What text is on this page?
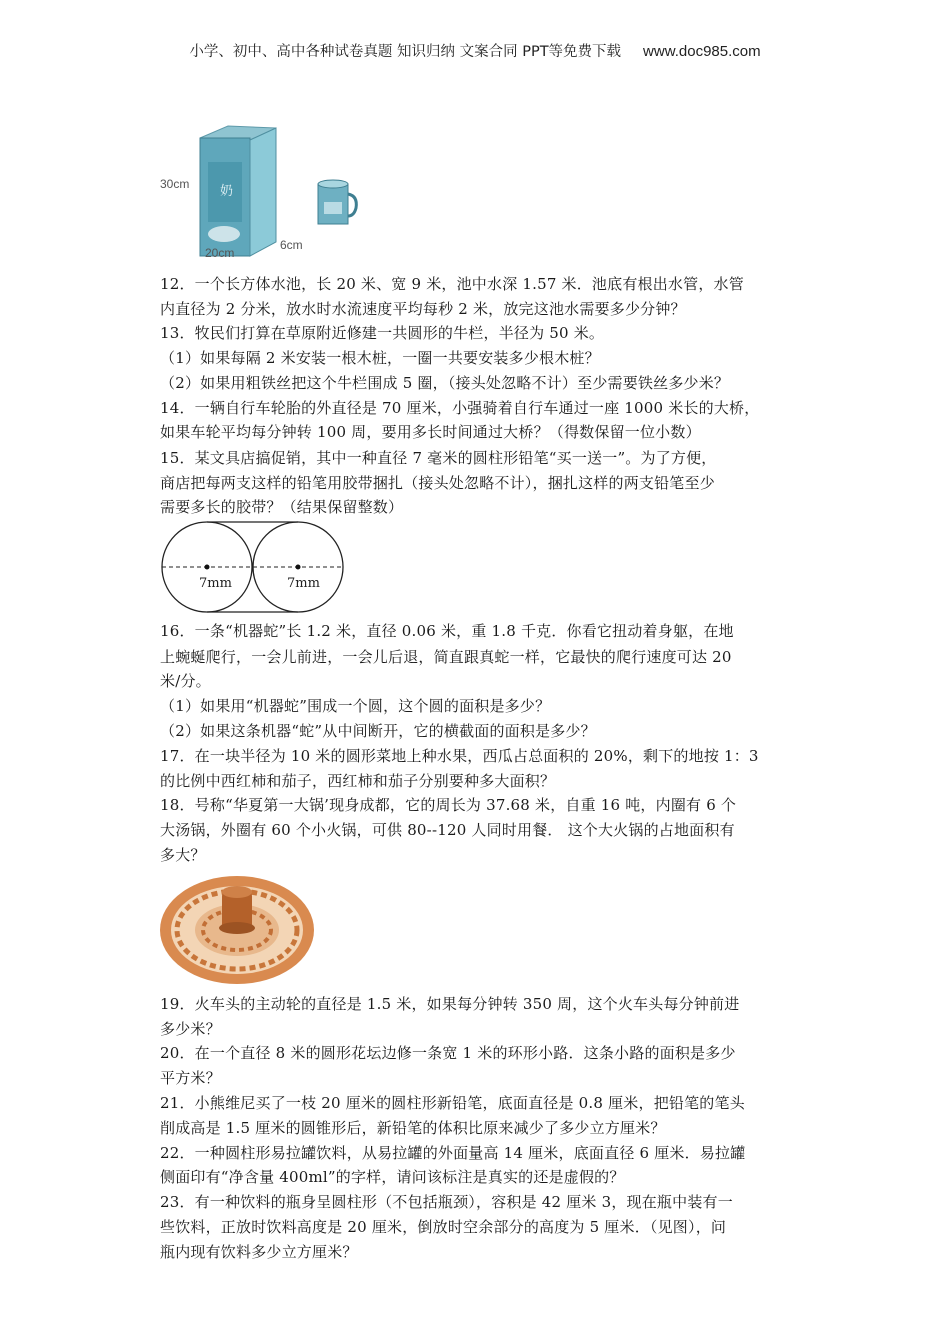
小学、初中、高中各种试卷真题 知识归纳 文案合同 PPT等免费下载 www.doc985.com
奶
30cm
20cm
6cm
12．一个长方体水池，长 20 米、宽 9 米，池中水深 1.57 米．池底有根出水管，水管
内直径为 2 分米，放水时水流速度平均每秒 2 米，放完这池水需要多少分钟？
13．牧民们打算在草原附近修建一共圆形的牛栏，半径为 50 米。
（1）如果每隔 2 米安装一根木桩，一圈一共要安装多少根木桩？
（2）如果用粗铁丝把这个牛栏围成 5 圈，（接头处忽略不计）至少需要铁丝多少米？
14．一辆自行车轮胎的外直径是 70 厘米，小强骑着自行车通过一座 1000 米长的大桥，
如果车轮平均每分钟转 100 周，要用多长时间通过大桥？（得数保留一位小数）
15．某文具店搞促销，其中一种直径 7 毫米的圆柱形铅笔“买一送一”。为了方便，
商店把每两支这样的铅笔用胶带捆扎（接头处忽略不计），捆扎这样的两支铅笔至少
需要多长的胶带？（结果保留整数）
7mm	7mm
16．一条“机器蛇”长 1.2 米，直径 0.06 米，重 1.8 千克．你看它扭动着身躯，在地
上蜿蜒爬行，一会儿前进，一会儿后退，简直跟真蛇一样，它最快的爬行速度可达 20
米/分。
（1）如果用“机器蛇”围成一个圆，这个圆的面积是多少？
（2）如果这条机器“蛇”从中间断开，它的横截面的面积是多少？
17．在一块半径为 10 米的圆形菜地上种水果，西瓜占总面积的 20%，剩下的地按 1：3
的比例中西红柿和茄子，西红柿和茄子分别要种多大面积？
18．号称“华夏第一大锅’现身成都，它的周长为 37.68 米，自重 16 吨，内圈有 6 个
大汤锅，外圈有 60 个小火锅，可供 80--120 人同时用餐． 这个大火锅的占地面积有
多大？
19．火车头的主动轮的直径是 1.5 米，如果每分钟转 350 周，这个火车头每分钟前进
多少米？
20．在一个直径 8 米的圆形花坛边修一条宽 1 米的环形小路．这条小路的面积是多少
平方米？
21．小熊维尼买了一枝 20 厘米的圆柱形新铅笔，底面直径是 0.8 厘米，把铅笔的笔头
削成高是 1.5 厘米的圆锥形后，新铅笔的体积比原来减少了多少立方厘米？
22．一种圆柱形易拉罐饮料，从易拉罐的外面量高 14 厘米，底面直径 6 厘米．易拉罐
侧面印有“净含量 400ml”的字样，请问该标注是真实的还是虚假的？
23．有一种饮料的瓶身呈圆柱形（不包括瓶颈），容积是 42 厘米 3，现在瓶中装有一
些饮料，正放时饮料高度是 20 厘米，倒放时空余部分的高度为 5 厘米．（见图），问
瓶内现有饮料多少立方厘米？
